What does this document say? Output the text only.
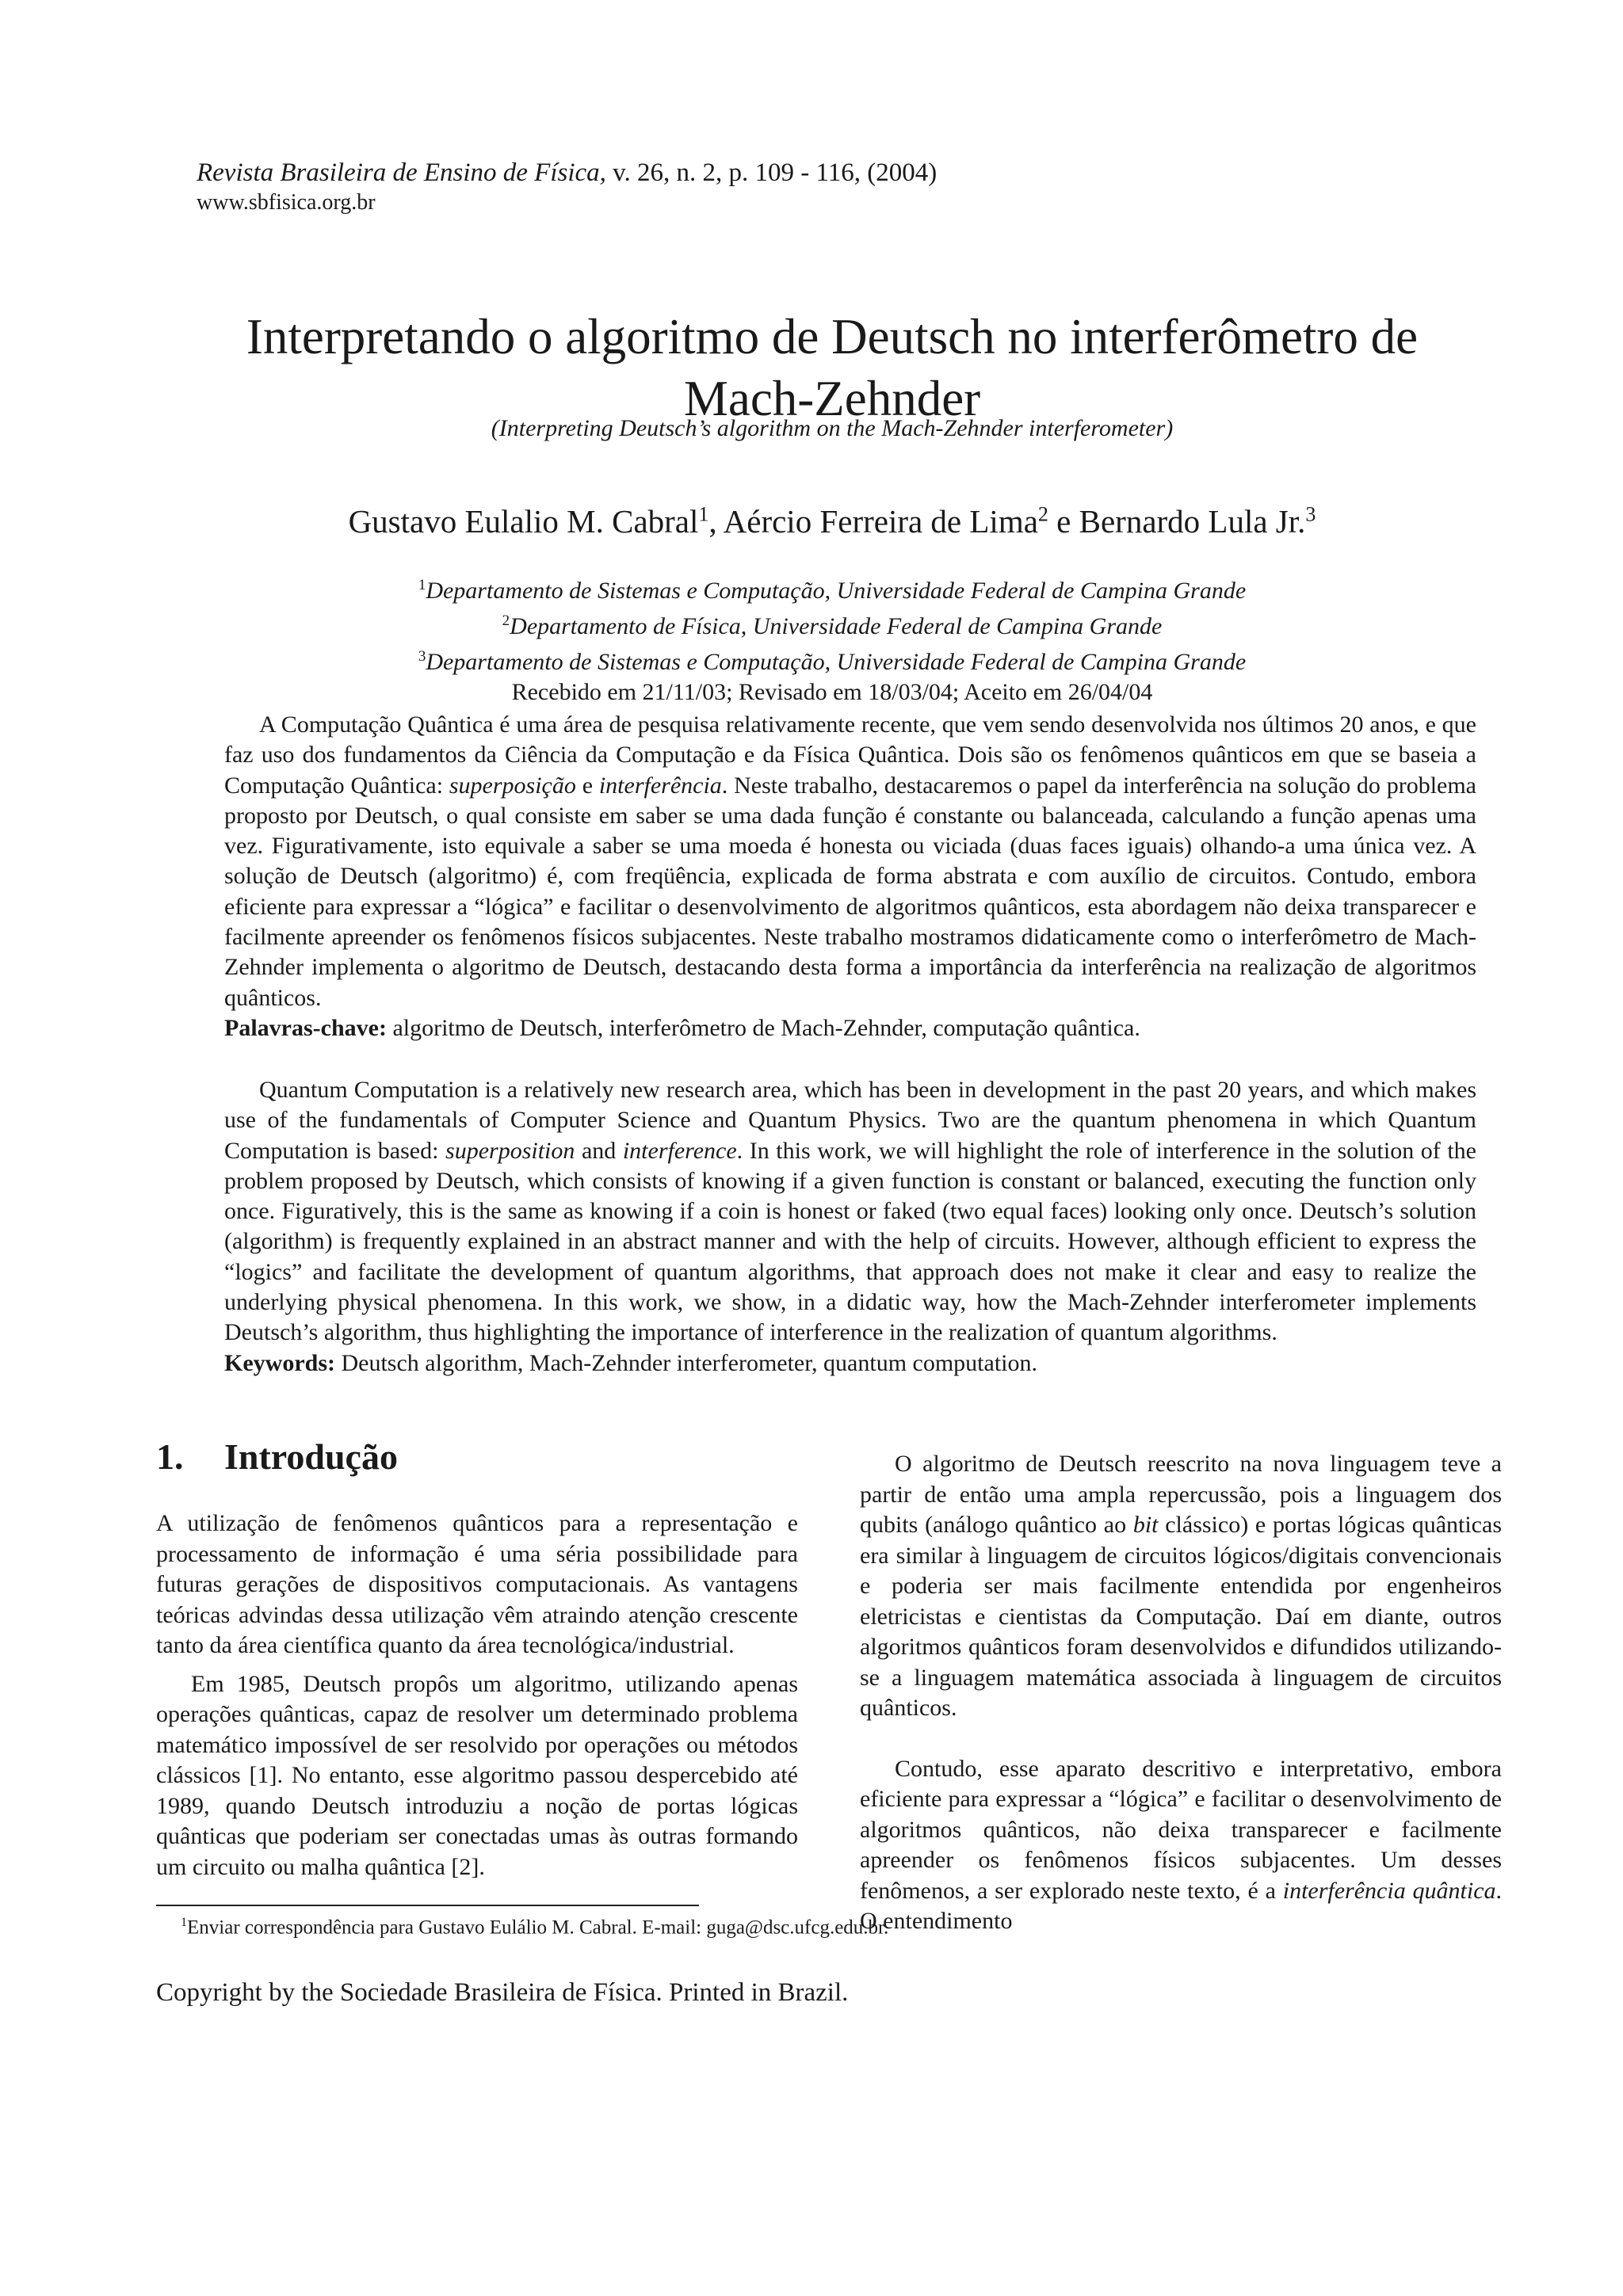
Revista Brasileira de Ensino de Física, v. 26, n. 2, p. 109 - 116, (2004)
www.sbfisica.org.br
Interpretando o algoritmo de Deutsch no interferômetro de
Mach-Zehnder
(Interpreting Deutsch’s algorithm on the Mach-Zehnder interferometer)
Gustavo Eulalio M. Cabral$^1$, Aércio Ferreira de Lima$^2$ e Bernardo Lula Jr.$^3$
$^1$Departamento de Sistemas e Computação, Universidade Federal de Campina Grande
$^2$Departamento de Física, Universidade Federal de Campina Grande
$^3$Departamento de Sistemas e Computação, Universidade Federal de Campina Grande
Recebido em 21/11/03; Revisado em 18/03/04; Aceito em 26/04/04

A Computação Quântica é uma área de pesquisa relativamente recente, que vem sendo desenvolvida nos últimos 20 anos, e que faz uso dos fundamentos da Ciência da Computação e da Física Quântica. Dois são os fenômenos quânticos em que se baseia a Computação Quântica: superposição e interferência. Neste trabalho, destacaremos o papel da interferência na solução do problema proposto por Deutsch, o qual consiste em saber se uma dada função é constante ou balanceada, calculando a função apenas uma vez. Figurativamente, isto equivale a saber se uma moeda é honesta ou viciada (duas faces iguais) olhando-a uma única vez. A solução de Deutsch (algoritmo) é, com freqüência, explicada de forma abstrata e com auxílio de circuitos. Contudo, embora eficiente para expressar a “lógica” e facilitar o desenvolvimento de algoritmos quânticos, esta abordagem não deixa transparecer e facilmente apreender os fenômenos físicos subjacentes. Neste trabalho mostramos didaticamente como o interferômetro de Mach-Zehnder implementa o algoritmo de Deutsch, destacando desta forma a importância da interferência na realização de algoritmos quânticos.

Palavras-chave: algoritmo de Deutsch, interferômetro de Mach-Zehnder, computação quântica.

Quantum Computation is a relatively new research area, which has been in development in the past 20 years, and which makes use of the fundamentals of Computer Science and Quantum Physics. Two are the quantum phenomena in which Quantum Computation is based: superposition and interference. In this work, we will highlight the role of interference in the solution of the problem proposed by Deutsch, which consists of knowing if a given function is constant or balanced, executing the function only once. Figuratively, this is the same as knowing if a coin is honest or faked (two equal faces) looking only once. Deutsch’s solution (algorithm) is frequently explained in an abstract manner and with the help of circuits. However, although efficient to express the “logics” and facilitate the development of quantum algorithms, that approach does not make it clear and easy to realize the underlying physical phenomena. In this work, we show, in a didatic way, how the Mach-Zehnder interferometer implements Deutsch’s algorithm, thus highlighting the importance of interference in the realization of quantum algorithms.

Keywords: Deutsch algorithm, Mach-Zehnder interferometer, quantum computation.

1. Introdução

A utilização de fenômenos quânticos para a representação e processamento de informação é uma séria possibilidade para futuras gerações de dispositivos computacionais. As vantagens teóricas advindas dessa utilização vêm atraindo atenção crescente tanto da área científica quanto da área tecnológica/industrial.

Em 1985, Deutsch propôs um algoritmo, utilizando apenas operações quânticas, capaz de resolver um determinado problema matemático impossível de ser resolvido por operações ou métodos clássicos [1]. No entanto, esse algoritmo passou despercebido até 1989, quando Deutsch introduziu a noção de portas lógicas quânticas que poderiam ser conectadas umas às outras formando um circuito ou malha quântica [2].

O algoritmo de Deutsch reescrito na nova linguagem teve a partir de então uma ampla repercussão, pois a linguagem dos qubits (análogo quântico ao bit clássico) e portas lógicas quânticas era similar à linguagem de circuitos lógicos/digitais convencionais e poderia ser mais facilmente entendida por engenheiros eletricistas e cientistas da Computação. Daí em diante, outros algoritmos quânticos foram desenvolvidos e difundidos utilizando-se a linguagem matemática associada à linguagem de circuitos quânticos.

Contudo, esse aparato descritivo e interpretativo, embora eficiente para expressar a “lógica” e facilitar o desenvolvimento de algoritmos quânticos, não deixa transparecer e facilmente apreender os fenômenos físicos subjacentes. Um desses fenômenos, a ser explorado neste texto, é a interferência quântica. O entendimento

$^1$Enviar correspondência para Gustavo Eulálio M. Cabral. E-mail: guga@dsc.ufcg.edu.br.
Copyright by the Sociedade Brasileira de Física. Printed in Brazil.
